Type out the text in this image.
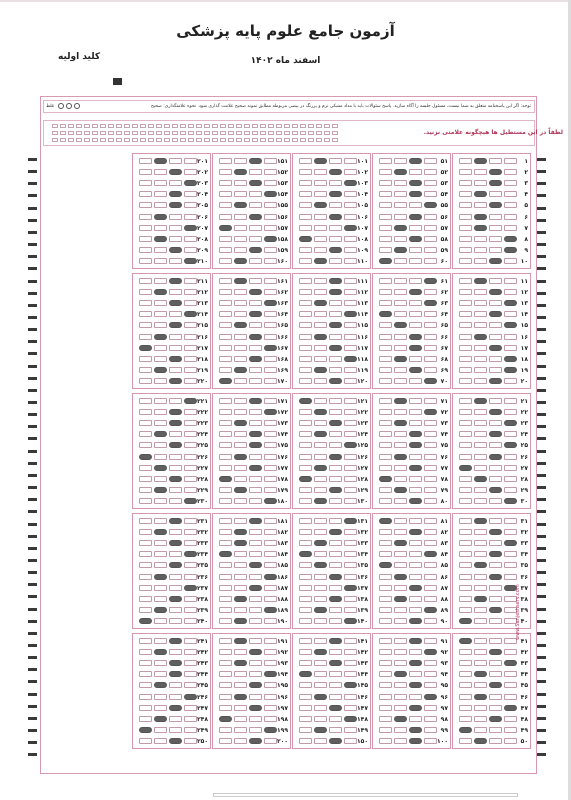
آزمون جامع علوم پایه پزشکی
اسفند ماه ۱۴۰۲
کلید اولیه
توجه: اگر این پاسخنامه متعلق به شما نیست، مسئول جلسه را آگاه سازید. پاسخ سئوالات باید با مداد مشکی نرم و پررنگ در بیضی مربوطه مطابق نمونه صحیح علامت گذاری شود. نحوه علامتگذاری: صحیح
غلط
لطفاً در این مستطیل ها هیچگونه علامتی نزنید.
۱
۲
۳
۴
۵
۶
۷
۸
۹
۱۰
۱۱
۱۲
۱۳
۱۴
۱۵
۱۶
۱۷
۱۸
۱۹
۲۰
۲۱
۲۲
۲۳
۲۴
۲۵
۲۶
۲۷
۲۸
۲۹
۳۰
۳۱
۳۲
۳۳
۳۴
۳۵
۳۶
۳۷
۳۸
۳۹
۴۰
۴۱
۴۲
۴۳
۴۴
۴۵
۴۶
۴۷
۴۸
۴۹
۵۰
۵۱
۵۲
۵۳
۵۴
۵۵
۵۶
۵۷
۵۸
۵۹
۶۰
۶۱
۶۲
۶۳
۶۴
۶۵
۶۶
۶۷
۶۸
۶۹
۷۰
۷۱
۷۲
۷۳
۷۴
۷۵
۷۶
۷۷
۷۸
۷۹
۸۰
۸۱
۸۲
۸۳
۸۴
۸۵
۸۶
۸۷
۸۸
۸۹
۹۰
۹۱
۹۲
۹۳
۹۴
۹۵
۹۶
۹۷
۹۸
۹۹
۱۰۰
۱۰۱
۱۰۲
۱۰۳
۱۰۴
۱۰۵
۱۰۶
۱۰۷
۱۰۸
۱۰۹
۱۱۰
۱۱۱
۱۱۲
۱۱۳
۱۱۴
۱۱۵
۱۱۶
۱۱۷
۱۱۸
۱۱۹
۱۲۰
۱۲۱
۱۲۲
۱۲۳
۱۲۴
۱۲۵
۱۲۶
۱۲۷
۱۲۸
۱۲۹
۱۳۰
۱۳۱
۱۳۲
۱۳۳
۱۳۴
۱۳۵
۱۳۶
۱۳۷
۱۳۸
۱۳۹
۱۴۰
۱۴۱
۱۴۲
۱۴۳
۱۴۴
۱۴۵
۱۴۶
۱۴۷
۱۴۸
۱۴۹
۱۵۰
۱۵۱
۱۵۲
۱۵۳
۱۵۴
۱۵۵
۱۵۶
۱۵۷
۱۵۸
۱۵۹
۱۶۰
۱۶۱
۱۶۲
۱۶۳
۱۶۴
۱۶۵
۱۶۶
۱۶۷
۱۶۸
۱۶۹
۱۷۰
۱۷۱
۱۷۲
۱۷۳
۱۷۴
۱۷۵
۱۷۶
۱۷۷
۱۷۸
۱۷۹
۱۸۰
۱۸۱
۱۸۲
۱۸۳
۱۸۴
۱۸۵
۱۸۶
۱۸۷
۱۸۸
۱۸۹
۱۹۰
۱۹۱
۱۹۲
۱۹۳
۱۹۴
۱۹۵
۱۹۶
۱۹۷
۱۹۸
۱۹۹
۲۰۰
۲۰۱
۲۰۲
۲۰۳
۲۰۴
۲۰۵
۲۰۶
۲۰۷
۲۰۸
۲۰۹
۲۱۰
۲۱۱
۲۱۲
۲۱۳
۲۱۴
۲۱۵
۲۱۶
۲۱۷
۲۱۸
۲۱۹
۲۲۰
۲۲۱
۲۲۲
۲۲۳
۲۲۴
۲۲۵
۲۲۶
۲۲۷
۲۲۸
۲۲۹
۲۳۰
۲۳۱
۲۳۲
۲۳۳
۲۳۴
۲۳۵
۲۳۶
۲۳۷
۲۳۸
۲۳۹
۲۴۰
۲۴۱
۲۴۲
۲۴۳
۲۴۴
۲۴۵
۲۴۶
۲۴۷
۲۴۸
۲۴۹
۲۵۰
www.Sanjeshserv.com
